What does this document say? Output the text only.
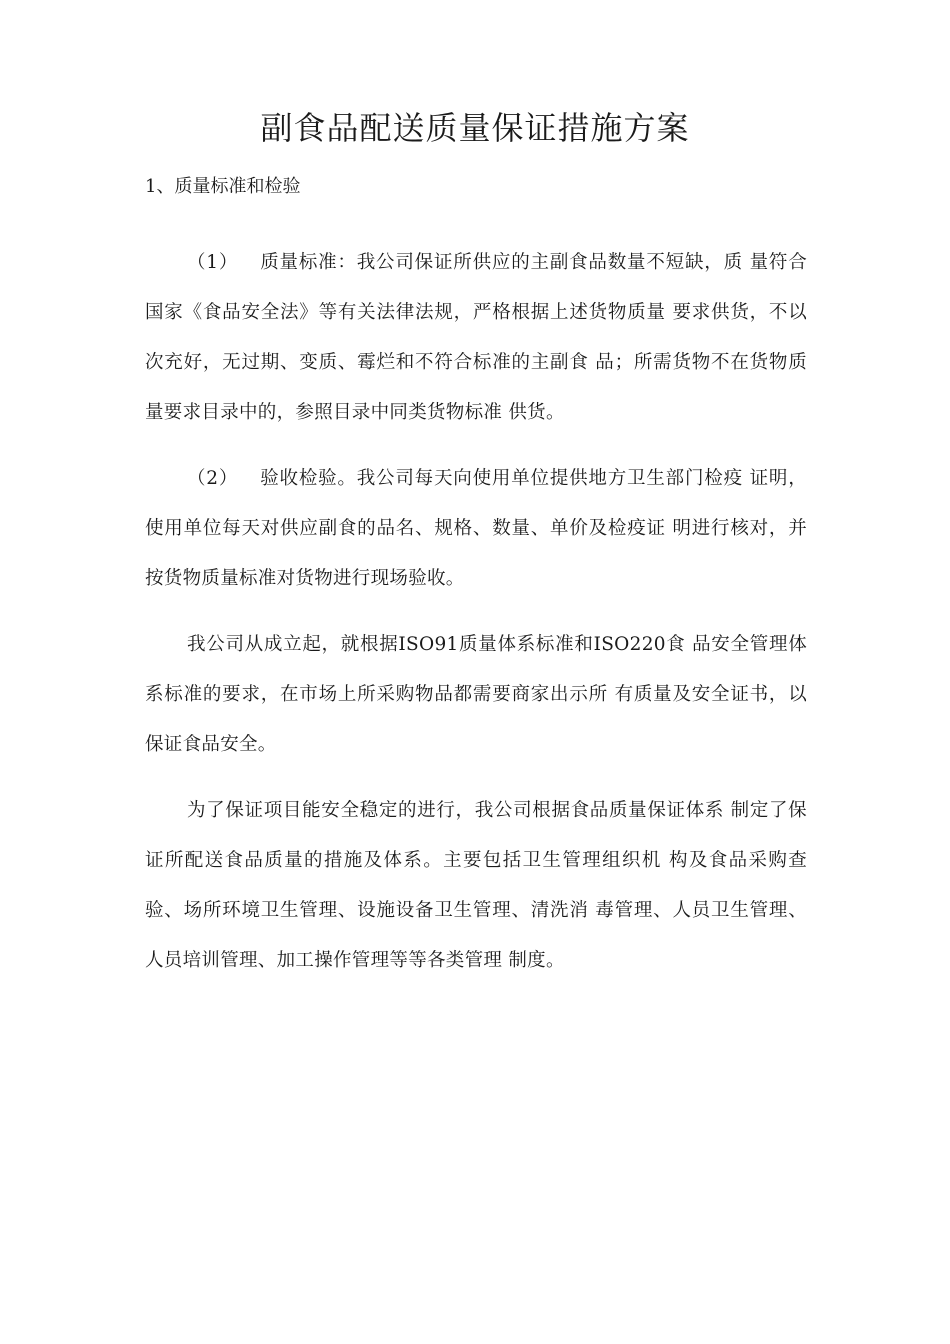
副食品配送质量保证措施方案
1、质量标准和检验

（1） 质量标准：我公司保证所供应的主副食品数量不短缺，质 量符合国家《食品安全法》等有关法律法规，严格根据上述货物质量 要求供货，不以次充好，无过期、变质、霉烂和不符合标准的主副食 品；所需货物不在货物质量要求目录中的，参照目录中同类货物标准 供货。

（2） 验收检验。我公司每天向使用单位提供地方卫生部门检疫 证明，使用单位每天对供应副食的品名、规格、数量、单价及检疫证 明进行核对，并按货物质量标准对货物进行现场验收。

我公司从成立起，就根据ISO91质量体系标准和ISO220食 品安全管理体系标准的要求，在市场上所采购物品都需要商家出示所 有质量及安全证书，以保证食品安全。

为了保证项目能安全稳定的进行，我公司根据食品质量保证体系 制定了保证所配送食品质量的措施及体系。主要包括卫生管理组织机 构及食品采购查验、场所环境卫生管理、设施设备卫生管理、清洗消 毒管理、人员卫生管理、人员培训管理、加工操作管理等等各类管理 制度。
